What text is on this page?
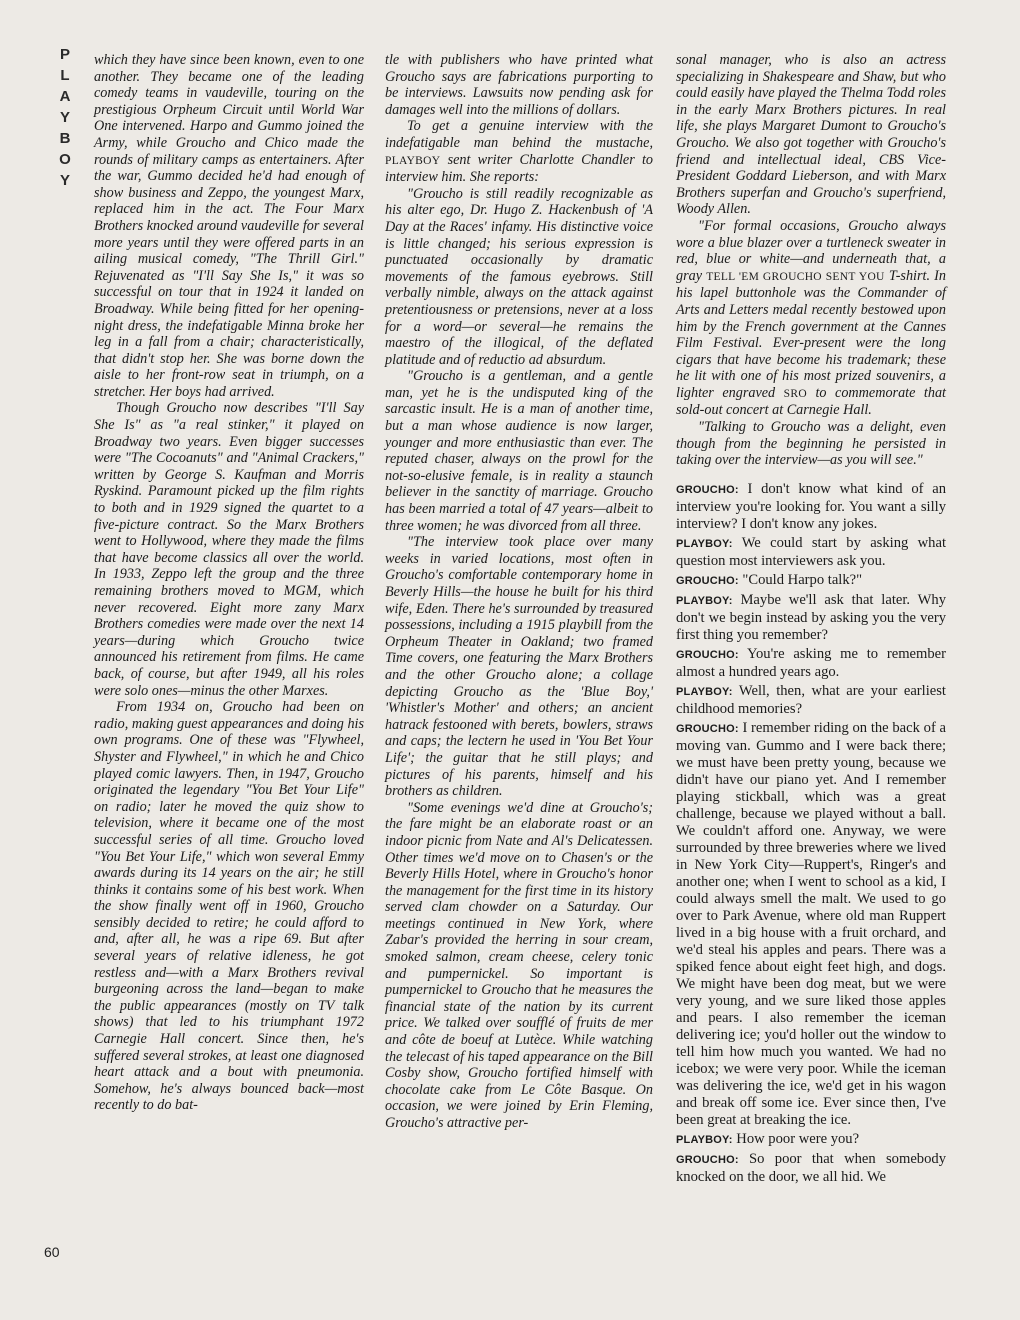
P
L
A
Y
B
O
Y

which they have since been known, even to one another. They became one of the leading comedy teams in vaudeville, touring on the prestigious Orpheum Circuit until World War One intervened. Harpo and Gummo joined the Army, while Groucho and Chico made the rounds of military camps as entertainers. After the war, Gummo decided he'd had enough of show business and Zeppo, the youngest Marx, replaced him in the act. The Four Marx Brothers knocked around vaudeville for several more years until they were offered parts in an ailing musical comedy, "The Thrill Girl." Rejuvenated as "I'll Say She Is," it was so successful on tour that in 1924 it landed on Broadway. While being fitted for her opening-night dress, the indefatigable Minna broke her leg in a fall from a chair; characteristically, that didn't stop her. She was borne down the aisle to her front-row seat in triumph, on a stretcher. Her boys had arrived.

Though Groucho now describes "I'll Say She Is" as "a real stinker," it played on Broadway two years. Even bigger successes were "The Cocoanuts" and "Animal Crackers," written by George S. Kaufman and Morris Ryskind. Paramount picked up the film rights to both and in 1929 signed the quartet to a five-picture contract. So the Marx Brothers went to Hollywood, where they made the films that have become classics all over the world. In 1933, Zeppo left the group and the three remaining brothers moved to MGM, which never recovered. Eight more zany Marx Brothers comedies were made over the next 14 years—during which Groucho twice announced his retirement from films. He came back, of course, but after 1949, all his roles were solo ones—minus the other Marxes.

From 1934 on, Groucho had been on radio, making guest appearances and doing his own programs. One of these was "Flywheel, Shyster and Flywheel," in which he and Chico played comic lawyers. Then, in 1947, Groucho originated the legendary "You Bet Your Life" on radio; later he moved the quiz show to television, where it became one of the most successful series of all time. Groucho loved "You Bet Your Life," which won several Emmy awards during its 14 years on the air; he still thinks it contains some of his best work. When the show finally went off in 1960, Groucho sensibly decided to retire; he could afford to and, after all, he was a ripe 69. But after several years of relative idleness, he got restless and—with a Marx Brothers revival burgeoning across the land—began to make the public appearances (mostly on TV talk shows) that led to his triumphant 1972 Carnegie Hall concert. Since then, he's suffered several strokes, at least one diagnosed heart attack and a bout with pneumonia. Somehow, he's always bounced back—most recently to do bat-

tle with publishers who have printed what Groucho says are fabrications purporting to be interviews. Lawsuits now pending ask for damages well into the millions of dollars.

To get a genuine interview with the indefatigable man behind the mustache, PLAYBOY sent writer Charlotte Chandler to interview him. She reports:

"Groucho is still readily recognizable as his alter ego, Dr. Hugo Z. Hackenbush of 'A Day at the Races' infamy. His distinctive voice is little changed; his serious expression is punctuated occasionally by dramatic movements of the famous eyebrows. Still verbally nimble, always on the attack against pretentiousness or pretensions, never at a loss for a word—or several—he remains the maestro of the illogical, of the deflated platitude and of reductio ad absurdum.

"Groucho is a gentleman, and a gentle man, yet he is the undisputed king of the sarcastic insult. He is a man of another time, but a man whose audience is now larger, younger and more enthusiastic than ever. The reputed chaser, always on the prowl for the not-so-elusive female, is in reality a staunch believer in the sanctity of marriage. Groucho has been married a total of 47 years—albeit to three women; he was divorced from all three.

"The interview took place over many weeks in varied locations, most often in Groucho's comfortable contemporary home in Beverly Hills—the house he built for his third wife, Eden. There he's surrounded by treasured possessions, including a 1915 playbill from the Orpheum Theater in Oakland; two framed Time covers, one featuring the Marx Brothers and the other Groucho alone; a collage depicting Groucho as the 'Blue Boy,' 'Whistler's Mother' and others; an ancient hatrack festooned with berets, bowlers, straws and caps; the lectern he used in 'You Bet Your Life'; the guitar that he still plays; and pictures of his parents, himself and his brothers as children.

"Some evenings we'd dine at Groucho's; the fare might be an elaborate roast or an indoor picnic from Nate and Al's Delicatessen. Other times we'd move on to Chasen's or the Beverly Hills Hotel, where in Groucho's honor the management for the first time in its history served clam chowder on a Saturday. Our meetings continued in New York, where Zabar's provided the herring in sour cream, smoked salmon, cream cheese, celery tonic and pumpernickel. So important is pumpernickel to Groucho that he measures the financial state of the nation by its current price. We talked over soufflé of fruits de mer and côte de boeuf at Lutèce. While watching the telecast of his taped appearance on the Bill Cosby show, Groucho fortified himself with chocolate cake from Le Côte Basque. On occasion, we were joined by Erin Fleming, Groucho's attractive per-

sonal manager, who is also an actress specializing in Shakespeare and Shaw, but who could easily have played the Thelma Todd roles in the early Marx Brothers pictures. In real life, she plays Margaret Dumont to Groucho's Groucho. We also got together with Groucho's friend and intellectual ideal, CBS Vice-President Goddard Lieberson, and with Marx Brothers superfan and Groucho's superfriend, Woody Allen.

"For formal occasions, Groucho always wore a blue blazer over a turtleneck sweater in red, blue or white—and underneath that, a gray TELL 'EM GROUCHO SENT YOU T-shirt. In his lapel buttonhole was the Commander of Arts and Letters medal recently bestowed upon him by the French government at the Cannes Film Festival. Ever-present were the long cigars that have become his trademark; these he lit with one of his most prized souvenirs, a lighter engraved SRO to commemorate that sold-out concert at Carnegie Hall.

"Talking to Groucho was a delight, even though from the beginning he persisted in taking over the interview—as you will see."

GROUCHO: I don't know what kind of an interview you're looking for. You want a silly interview? I don't know any jokes.

PLAYBOY: We could start by asking what question most interviewers ask you.

GROUCHO: "Could Harpo talk?"

PLAYBOY: Maybe we'll ask that later. Why don't we begin instead by asking you the very first thing you remember?

GROUCHO: You're asking me to remember almost a hundred years ago.

PLAYBOY: Well, then, what are your earliest childhood memories?

GROUCHO: I remember riding on the back of a moving van. Gummo and I were back there; we must have been pretty young, because we didn't have our piano yet. And I remember playing stickball, which was a great challenge, because we played without a ball. We couldn't afford one. Anyway, we were surrounded by three breweries where we lived in New York City—Ruppert's, Ringer's and another one; when I went to school as a kid, I could always smell the malt. We used to go over to Park Avenue, where old man Ruppert lived in a big house with a fruit orchard, and we'd steal his apples and pears. There was a spiked fence about eight feet high, and dogs. We might have been dog meat, but we were very young, and we sure liked those apples and pears. I also remember the iceman delivering ice; you'd holler out the window to tell him how much you wanted. We had no icebox; we were very poor. While the iceman was delivering the ice, we'd get in his wagon and break off some ice. Ever since then, I've been great at breaking the ice.

PLAYBOY: How poor were you?

GROUCHO: So poor that when somebody knocked on the door, we all hid. We

60
